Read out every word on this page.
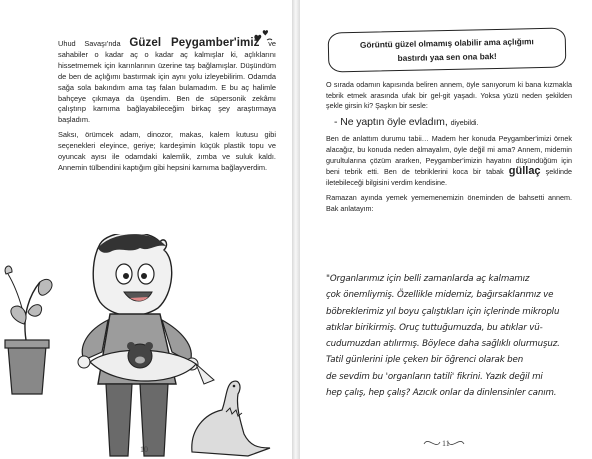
Uhud Savaşı'nda Güzel Peygamber'imiz ve sahabiler o kadar aç o kadar aç kalmışlar ki, açlıklarını hissetmemek için karınlarının üzerine taş bağlamışlar. Düşündüm de ben de açlığımı bastırmak için aynı yolu izleyebilirim. Odamda sağa sola bakındım ama taş falan bulamadım. E bu aç halimle bahçeye çıkmaya da üşendim. Ben de süpersonik zekâmı çalıştırıp karnıma bağlayabileceğim birkaç şey araştırmaya başladım.

Saksı, örümcek adam, dinozor, makas, kalem kutusu gibi seçenekleri eleyince, geriye; kardeşimin küçük plastik topu ve oyuncak ayısı ile odamdaki kalemlik, zımba ve suluk kaldı. Annemin tülbendini kaptığım gibi hepsini karnıma bağlayverdim.

10
Görüntü güzel olmamış olabilir ama açlığımı
bastırdı yaa sen ona bak!

O sırada odamın kapısında beliren annem, öyle sanıyorum ki bana kızmakla tebrik etmek arasında ufak bir gel-git yaşadı. Yoksa yüzü neden şekilden şekle girsin ki? Şaşkın bir sesle:

- Ne yaptın öyle evladım, diyebildi.

Ben de anlattım durumu tabii… Madem her konuda Peygamber'imizi örnek alacağız, bu konuda neden almayalım, öyle değil mi ama? Annem, midemin gurultularına çözüm ararken, Peygamber'imizin hayatını düşündüğüm için beni tebrik etti. Ben de tebriklerini koca bir tabak güllaç şeklinde iletebileceği bilgisini verdim kendisine.

Ramazan ayında yemek yememenemizin öneminden de bahsetti annem. Bak anlatayım:

"Organlarımız için belli zamanlarda aç kalmamız
çok önemliymiş. Özellikle midemiz, bağırsaklarımız ve
böbreklerimiz yıl boyu çalıştıkları için içlerinde mikroplu
atıklar birikirmiş. Oruç tuttuğumuzda, bu atıklar vü-
cudumuzdan atılırmış. Böylece daha sağlıklı olurmuşuz.
Tatil günlerini iple çeken bir öğrenci olarak ben
de sevdim bu 'organların tatili' fikrini. Yazık değil mi
hep çalış, hep çalış? Azıcık onlar da dinlensinler canım.
11
